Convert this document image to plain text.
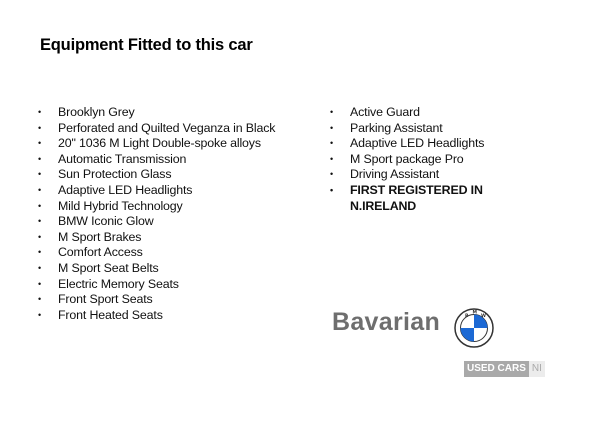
Equipment Fitted to this car
• Brooklyn Grey
• Perforated and Quilted Veganza in Black
• 20" 1036 M Light Double-spoke alloys
• Automatic Transmission
• Sun Protection Glass
• Adaptive LED Headlights
• Mild Hybrid Technology
• BMW Iconic Glow
• M Sport Brakes
• Comfort Access
• M Sport Seat Belts
• Electric Memory Seats
• Front Sport Seats
• Front Heated Seats
• Active Guard
• Parking Assistant
• Adaptive LED Headlights
• M Sport package Pro
• Driving Assistant
• FIRST REGISTERED IN N.IRELAND
Bavarian	B
M
W
USED CARS NI
